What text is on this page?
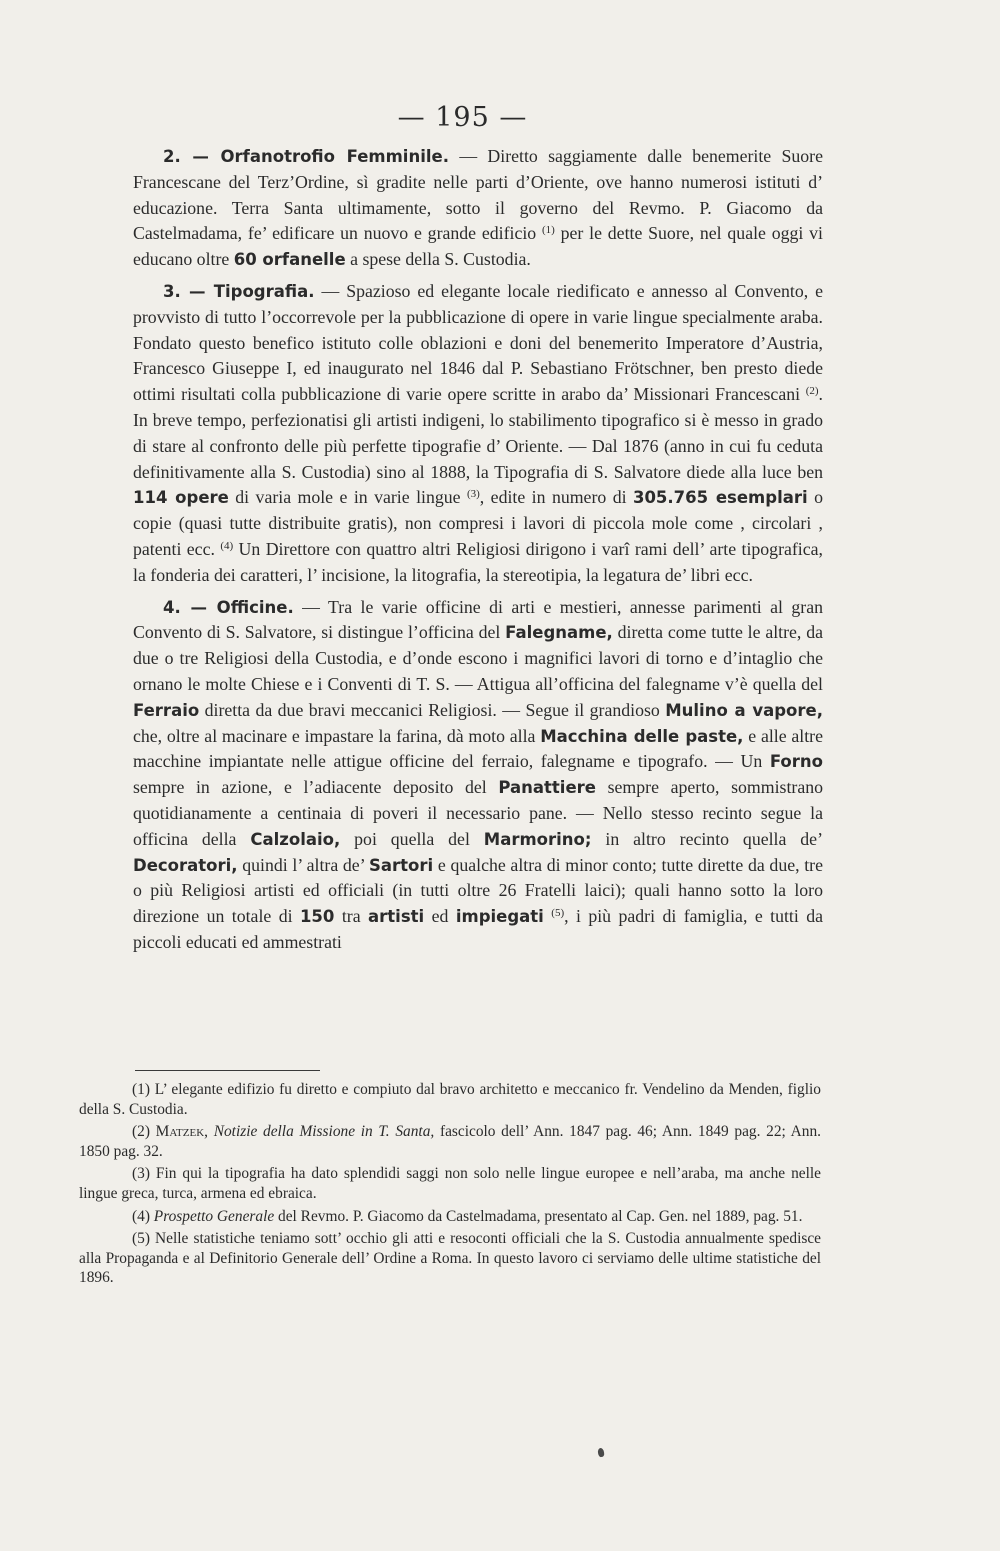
— 195 —

2. — Orfanotrofio Femminile. — Diretto saggiamente dalle benemerite Suore Francescane del Terz’Ordine, sì gradite nelle parti d’Oriente, ove hanno numerosi istituti d’ educazione. Terra Santa ultimamente, sotto il governo del Revmo. P. Giacomo da Castelmadama, fe’ edificare un nuovo e grande edificio $^{(1)}$ per le dette Suore, nel quale oggi vi educano oltre 60 orfanelle a spese della S. Custodia.

3. — Tipografia. — Spazioso ed elegante locale riedificato e annesso al Convento, e provvisto di tutto l’occorrevole per la pubblicazione di opere in varie lingue specialmente araba. Fondato questo benefico istituto colle oblazioni e doni del benemerito Imperatore d’Austria, Francesco Giuseppe I, ed inaugurato nel 1846 dal P. Sebastiano Frötschner, ben presto diede ottimi risultati colla pubblicazione di varie opere scritte in arabo da’ Missionari Francescani $^{(2)}$. In breve tempo, perfezionatisi gli artisti indigeni, lo stabilimento tipografico si è messo in grado di stare al confronto delle più perfette tipografie d’ Oriente. — Dal 1876 (anno in cui fu ceduta definitivamente alla S. Custodia) sino al 1888, la Tipografia di S. Salvatore diede alla luce ben 114 opere di varia mole e in varie lingue $^{(3)}$, edite in numero di 305.765 esemplari o copie (quasi tutte distribuite gratis), non compresi i lavori di piccola mole come , circolari , patenti ecc. $^{(4)}$ Un Direttore con quattro altri Religiosi dirigono i varî rami dell’ arte tipografica, la fonderia dei caratteri, l’ incisione, la litografia, la stereotipia, la legatura de’ libri ecc.

4. — Officine. — Tra le varie officine di arti e mestieri, annesse parimenti al gran Convento di S. Salvatore, si distingue l’officina del Falegname, diretta come tutte le altre, da due o tre Religiosi della Custodia, e d’onde escono i magnifici lavori di torno e d’intaglio che ornano le molte Chiese e i Conventi di T. S. — Attigua all’officina del falegname v’è quella del Ferraio diretta da due bravi meccanici Religiosi. — Segue il grandioso Mulino a vapore, che, oltre al macinare e impastare la farina, dà moto alla Macchina delle paste, e alle altre macchine impiantate nelle attigue officine del ferraio, falegname e tipografo. — Un Forno sempre in azione, e l’adiacente deposito del Panattiere sempre aperto, sommistrano quotidianamente a centinaia di poveri il necessario pane. — Nello stesso recinto segue la officina della Calzolaio, poi quella del Marmorino; in altro recinto quella de’ Decoratori, quindi l’ altra de’ Sartori e qualche altra di minor conto; tutte dirette da due, tre o più Religiosi artisti ed officiali (in tutti oltre 26 Fratelli laici); quali hanno sotto la loro direzione un totale di 150 tra artisti ed impiegati $^{(5)}$, i più padri di famiglia, e tutti da piccoli educati ed ammestrati

(1) L’ elegante edifizio fu diretto e compiuto dal bravo architetto e meccanico fr. Vendelino da Menden, figlio della S. Custodia.

(2) Matzek, Notizie della Missione in T. Santa, fascicolo dell’ Ann. 1847 pag. 46; Ann. 1849 pag. 22; Ann. 1850 pag. 32.

(3) Fin qui la tipografia ha dato splendidi saggi non solo nelle lingue europee e nell’araba, ma anche nelle lingue greca, turca, armena ed ebraica.

(4) Prospetto Generale del Revmo. P. Giacomo da Castelmadama, presentato al Cap. Gen. nel 1889, pag. 51.

(5) Nelle statistiche teniamo sott’ occhio gli atti e resoconti officiali che la S. Custodia annualmente spedisce alla Propaganda e al Definitorio Generale dell’ Ordine a Roma. In questo lavoro ci serviamo delle ultime statistiche del 1896.
